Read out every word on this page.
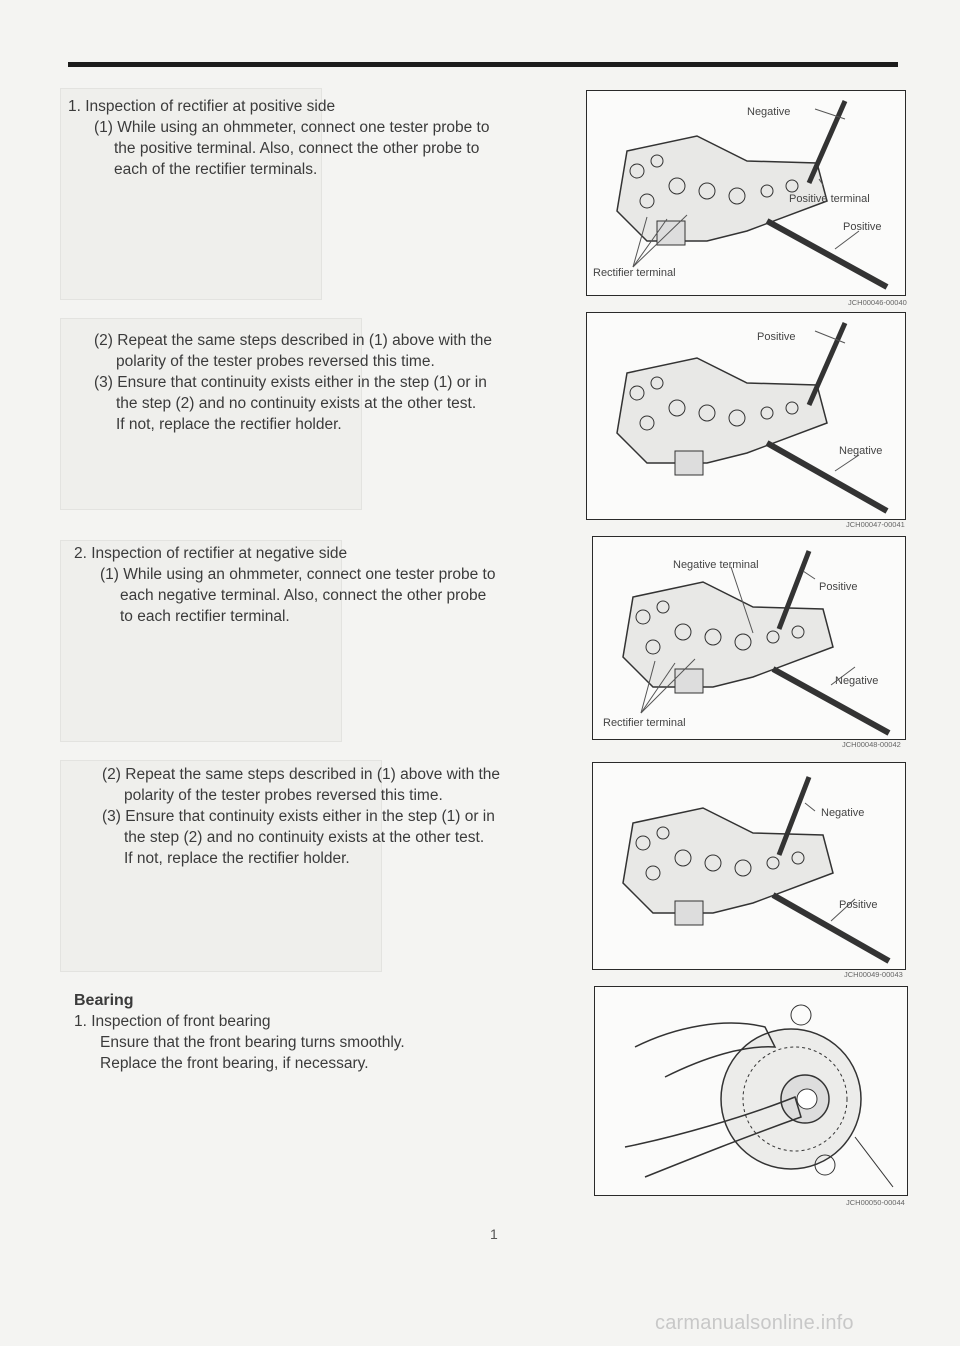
1. Inspection of rectifier at positive side

(1) While using an ohmmeter, connect one tester probe to

the positive terminal. Also, connect the other probe to

each of the rectifier terminals.

(2) Repeat the same steps described in (1) above with the

polarity of the tester probes reversed this time.

(3) Ensure that continuity exists either in the step (1) or in

the step (2) and no continuity exists at the other test.

If not, replace the rectifier holder.

2. Inspection of rectifier at negative side

(1) While using an ohmmeter, connect one tester probe to

each negative terminal. Also, connect the other probe

to each rectifier terminal.

(2) Repeat the same steps described in (1) above with the

polarity of the tester probes reversed this time.

(3) Ensure that continuity exists either in the step (1) or in

the step (2) and no continuity exists at the other test.

If not, replace the rectifier holder.

Bearing

1. Inspection of front bearing

Ensure that the front bearing turns smoothly.

Replace the front bearing, if necessary.

Negative
Positive terminal
Positive
Rectifier terminal
JCH00046-00040
Positive
Negative
JCH00047-00041
Negative terminal
Positive
Negative
Rectifier terminal
JCH00048-00042
Negative
Positive
JCH00049-00043
JCH00050-00044
1
carmanualsonline.info
